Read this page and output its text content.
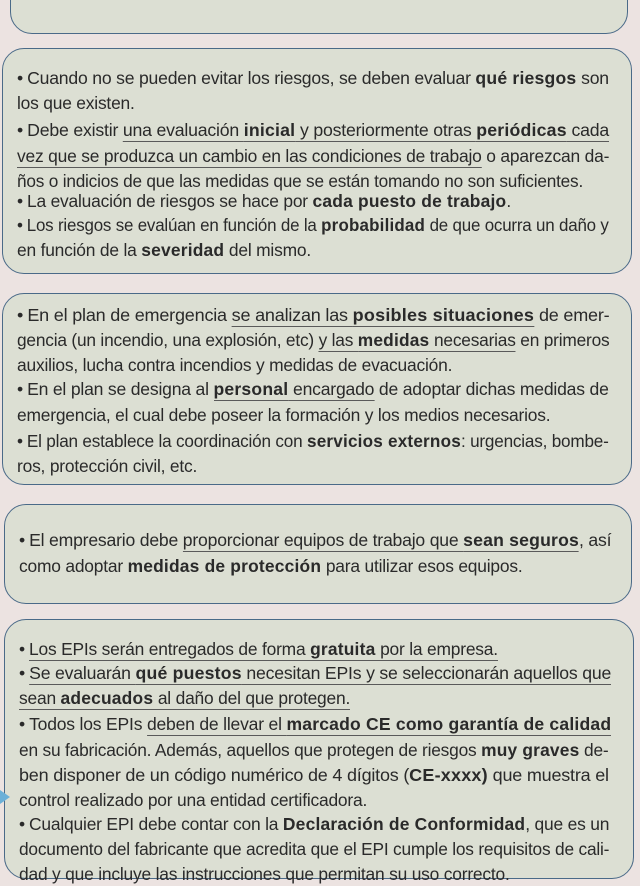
• Cuando no se pueden evitar los riesgos, se deben evaluar qué riesgos son
los que existen.
• Debe existir una evaluación inicial y posteriormente otras periódicas cada
vez que se produzca un cambio en las condiciones de trabajo o aparezcan da-
ños o indicios de que las medidas que se están tomando no son suficientes.
• La evaluación de riesgos se hace por cada puesto de trabajo.
• Los riesgos se evalúan en función de la probabilidad de que ocurra un daño y
en función de la severidad del mismo.
• En el plan de emergencia se analizan las posibles situaciones de emer-
gencia (un incendio, una explosión, etc) y las medidas necesarias en primeros
auxilios, lucha contra incendios y medidas de evacuación.
• En el plan se designa al personal encargado de adoptar dichas medidas de
emergencia, el cual debe poseer la formación y los medios necesarios.
• El plan establece la coordinación con servicios externos: urgencias, bombe-
ros, protección civil, etc.
• El empresario debe proporcionar equipos de trabajo que sean seguros, así
como adoptar medidas de protección para utilizar esos equipos.
• Los EPIs serán entregados de forma gratuita por la empresa.
• Se evaluarán qué puestos necesitan EPIs y se seleccionarán aquellos que
sean adecuados al daño del que protegen.
• Todos los EPIs deben de llevar el marcado CE como garantía de calidad
en su fabricación. Además, aquellos que protegen de riesgos muy graves de-
ben disponer de un código numérico de 4 dígitos (CE-xxxx) que muestra el
control realizado por una entidad certificadora.
• Cualquier EPI debe contar con la Declaración de Conformidad, que es un
documento del fabricante que acredita que el EPI cumple los requisitos de cali-
dad y que incluye las instrucciones que permitan su uso correcto.
